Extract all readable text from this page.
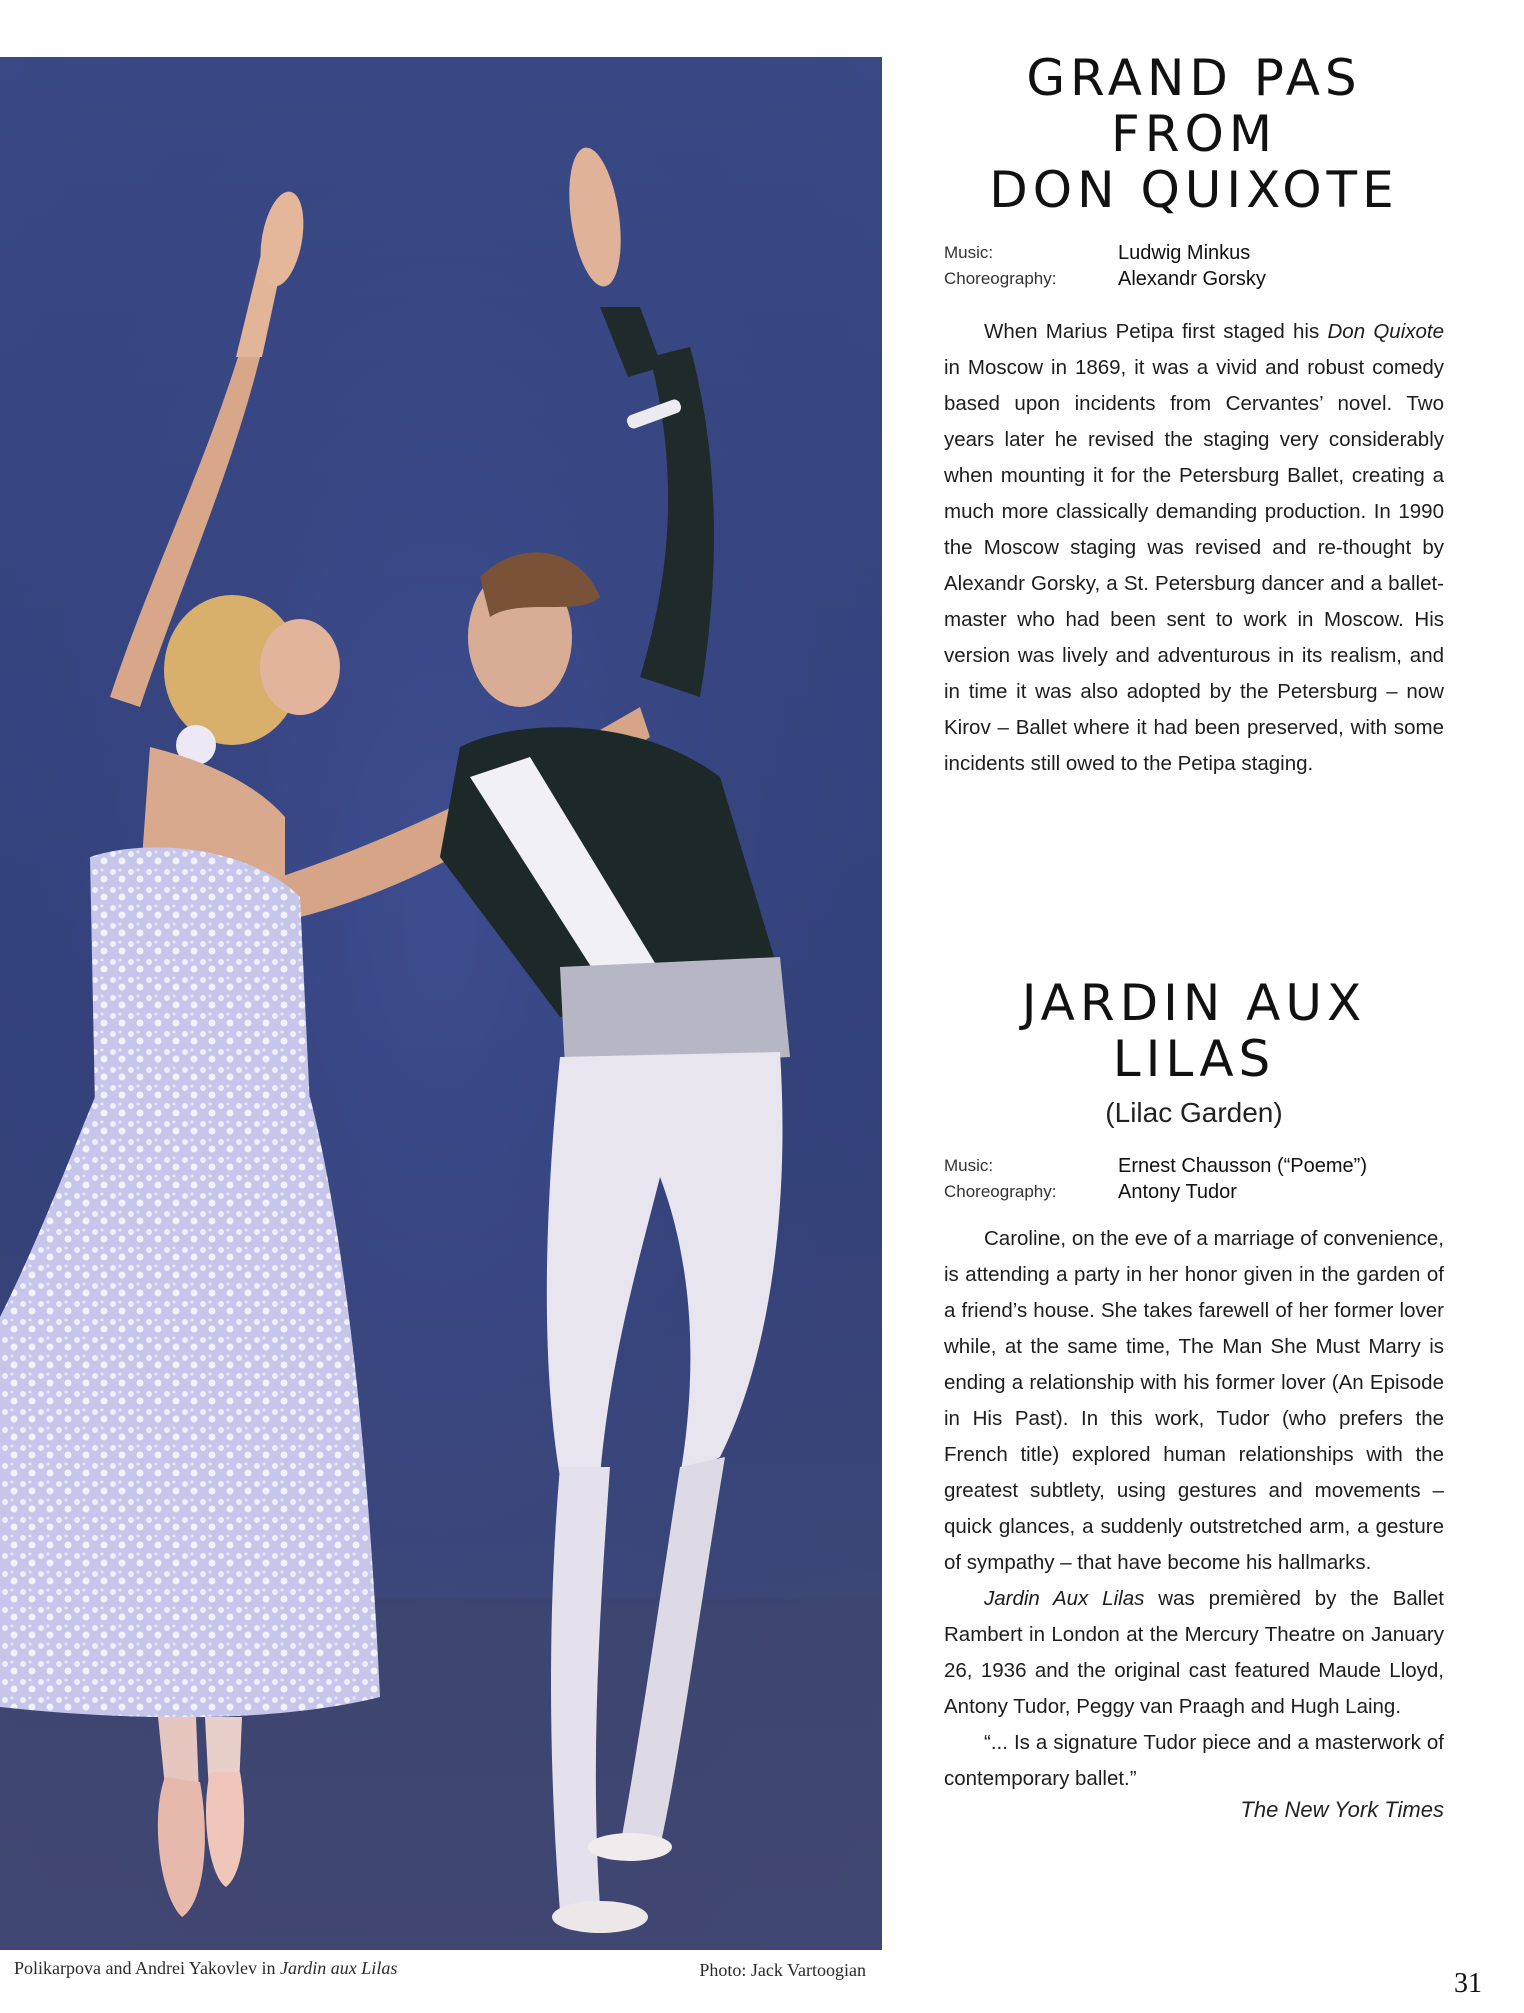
Polikarpova and Andrei Yakovlev in Jardin aux Lilas	Photo: Jack Vartoogian
GRAND PAS
FROM
DON QUIXOTE
Music:	Ludwig Minkus
Choreography:	Alexandr Gorsky

When Marius Petipa first staged his Don Quixote in Moscow in 1869, it was a vivid and robust comedy based upon incidents from Cervantes’ novel. Two years later he revised the staging very considerably when mounting it for the Petersburg Ballet, creating a much more classically demanding production. In 1990 the Moscow staging was revised and re-thought by Alexandr Gorsky, a St. Petersburg dancer and a ballet-master who had been sent to work in Moscow. His version was lively and adventurous in its realism, and in time it was also adopted by the Petersburg – now Kirov – Ballet where it had been preserved, with some incidents still owed to the Petipa staging.

JARDIN AUX
LILAS
(Lilac Garden)
Music:	Ernest Chausson (“Poeme”)
Choreography:	Antony Tudor

Caroline, on the eve of a marriage of convenience, is attending a party in her honor given in the garden of a friend’s house. She takes farewell of her former lover while, at the same time, The Man She Must Marry is ending a relationship with his former lover (An Episode in His Past). In this work, Tudor (who prefers the French title) explored human relationships with the greatest subtlety, using gestures and movements – quick glances, a suddenly outstretched arm, a gesture of sympathy – that have become his hallmarks.

Jardin Aux Lilas was premièred by the Ballet Rambert in London at the Mercury Theatre on January 26, 1936 and the original cast featured Maude Lloyd, Antony Tudor, Peggy van Praagh and Hugh Laing.

“... Is a signature Tudor piece and a masterwork of contemporary ballet.”

The New York Times
31
